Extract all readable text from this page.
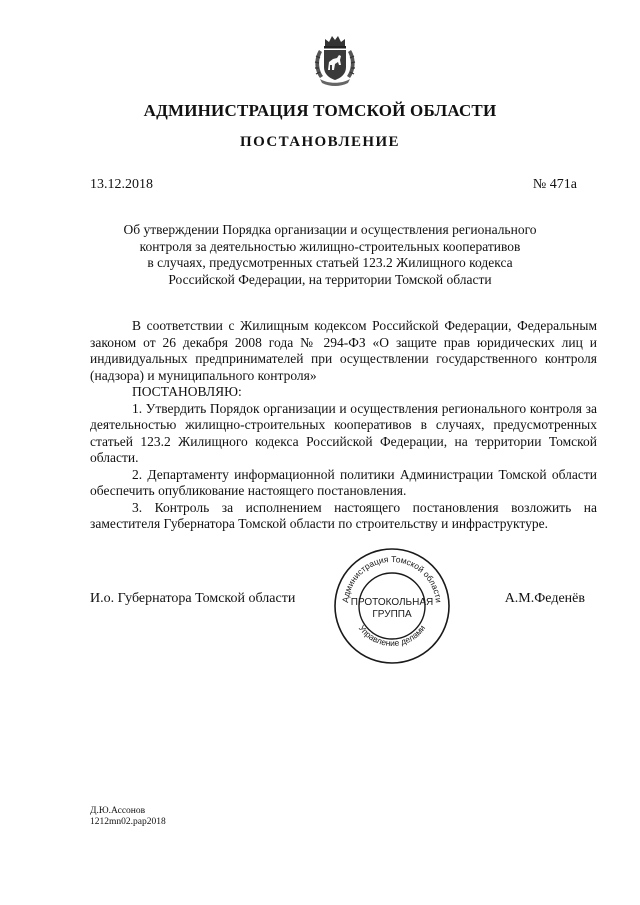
АДМИНИСТРАЦИЯ ТОМСКОЙ ОБЛАСТИ
ПОСТАНОВЛЕНИЕ
13.12.2018	№ 471а
Об утверждении Порядка организации и осуществления регионального
контроля за деятельностью жилищно-строительных кооперативов
в случаях, предусмотренных статьей 123.2 Жилищного кодекса
Российской Федерации, на территории Томской области

В соответствии с Жилищным кодексом Российской Федерации, Федеральным законом от 26 декабря 2008 года № 294-ФЗ «О защите прав юридических лиц и индивидуальных предпринимателей при осуществлении государственного контроля (надзора) и муниципального контроля»

ПОСТАНОВЛЯЮ:

1. Утвердить Порядок организации и осуществления регионального контроля за деятельностью жилищно-строительных кооперативов в случаях, предусмотренных статьей 123.2 Жилищного кодекса Российской Федерации, на территории Томской области.

2. Департаменту информационной политики Администрации Томской области обеспечить опубликование настоящего постановления.

3. Контроль за исполнением настоящего постановления возложить на заместителя Губернатора Томской области по строительству и инфраструктуре.

И.о. Губернатора Томской области	А.М.Феденёв
Администрация Томской области
Управление делами
ПРОТОКОЛЬНАЯ
ГРУППА
Д.Ю.Ассонов
1212mn02.pap2018
